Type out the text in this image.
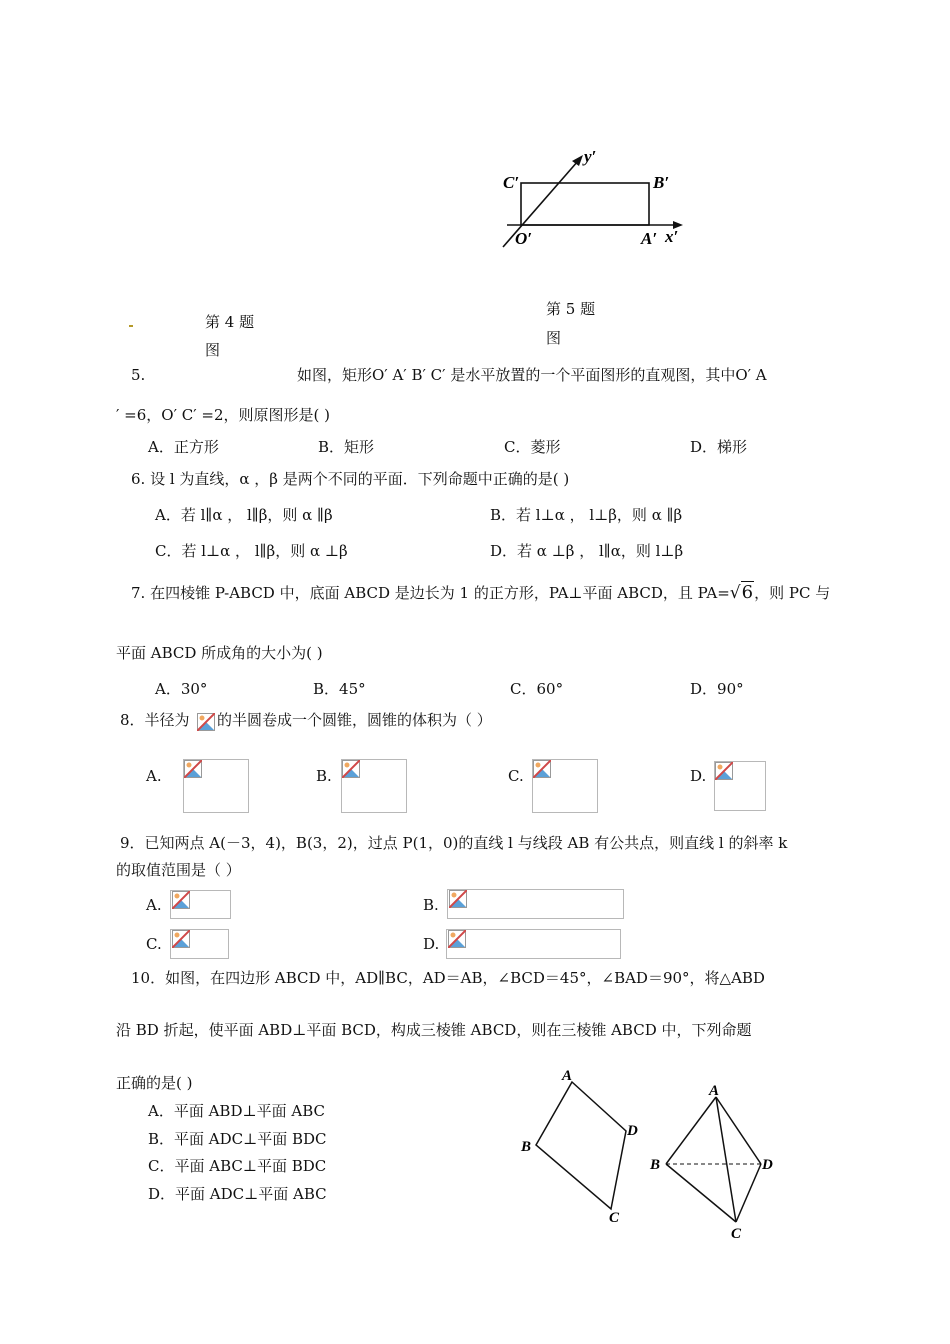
C′	B′
O′	A′ x′
y′
第 4 题
图
第 5 题
图
5.	如图，矩形O′ A′ B′ C′ 是水平放置的一个平面图形的直观图，其中O′ A
′ =6，O′ C′ =2，则原图形是( )
A．正方形	B．矩形	C．菱形	D．梯形
6. 设 l 为直线，α ，β 是两个不同的平面．下列命题中正确的是( )
A．若 l∥α ， l∥β，则 α ∥β	B．若 l⊥α ， l⊥β，则 α ∥β
C．若 l⊥α ， l∥β，则 α ⊥β	D．若 α ⊥β ， l∥α，则 l⊥β
7. 在四棱锥 P-ABCD 中，底面 ABCD 是边长为 1 的正方形，PA⊥平面 ABCD，且 PA=√6，则 PC 与
平面 ABCD 所成角的大小为( )
A．30°	B．45°	C．60°	D．90°
8．半径为 的半圆卷成一个圆锥，圆锥的体积为（ ）
A.	B.	C.	D.
9．已知两点 A(－3，4)，B(3，2)，过点 P(1，0)的直线 l 与线段 AB 有公共点，则直线 l 的斜率 k
的取值范围是（ ）
A.	B.
C.	D.
10．如图，在四边形 ABCD 中，AD∥BC，AD＝AB，∠BCD＝45°，∠BAD＝90°，将△ABD
沿 BD 折起，使平面 ABD⊥平面 BCD，构成三棱锥 ABCD，则在三棱锥 ABCD 中，下列命题
正确的是( )
A．平面 ABD⊥平面 ABC
B．平面 ADC⊥平面 BDC
C．平面 ABC⊥平面 BDC
D．平面 ADC⊥平面 ABC
A
B
C
D
A
B
C
D
